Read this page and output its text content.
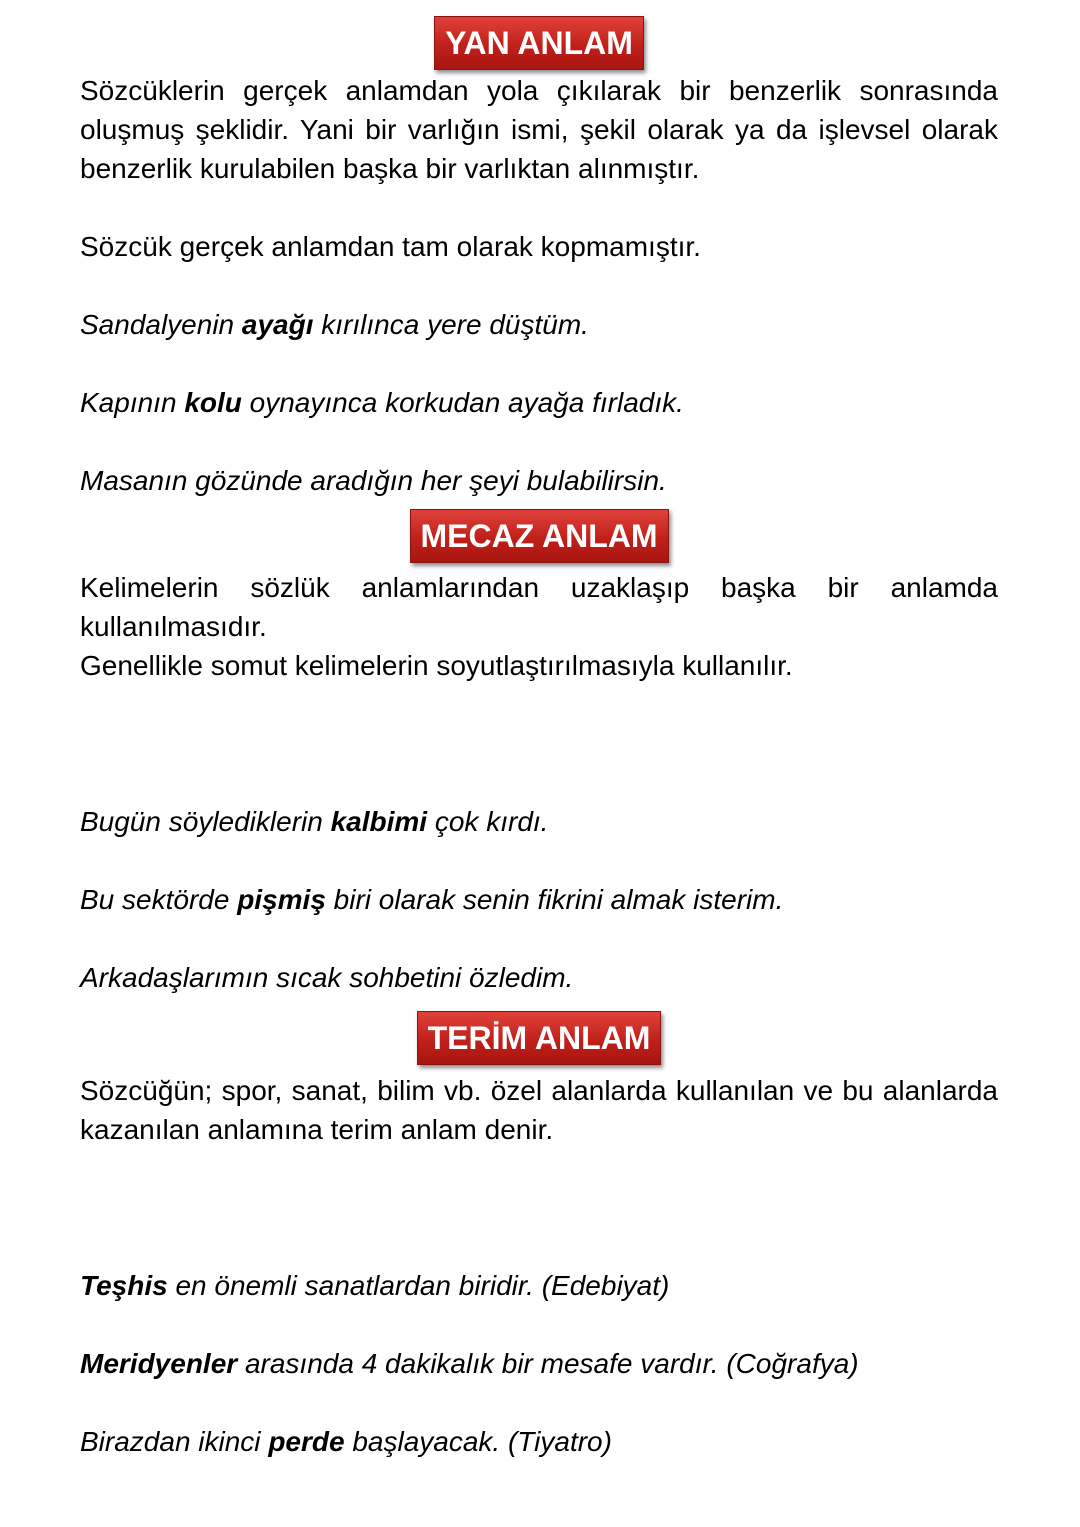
YAN ANLAM

Sözcüklerin gerçek anlamdan yola çıkılarak bir benzerlik sonrasında oluşmuş şeklidir. Yani bir varlığın ismi, şekil olarak ya da işlevsel olarak benzerlik kurulabilen başka bir varlıktan alınmıştır.

Sözcük gerçek anlamdan tam olarak kopmamıştır.

Sandalyenin ayağı kırılınca yere düştüm.

Kapının kolu oynayınca korkudan ayağa fırladık.

Masanın gözünde aradığın her şeyi bulabilirsin.

MECAZ ANLAM

Kelimelerin sözlük anlamlarından uzaklaşıp başka bir anlamda kullanılmasıdır.

Genellikle somut kelimelerin soyutlaştırılmasıyla kullanılır.

Bugün söylediklerin kalbimi çok kırdı.

Bu sektörde pişmiş biri olarak senin fikrini almak isterim.

Arkadaşlarımın sıcak sohbetini özledim.

TERİM ANLAM

Sözcüğün; spor, sanat, bilim vb. özel alanlarda kullanılan ve bu alanlarda kazanılan anlamına terim anlam denir.

Teşhis en önemli sanatlardan biridir. (Edebiyat)

Meridyenler arasında 4 dakikalık bir mesafe vardır. (Coğrafya)

Birazdan ikinci perde başlayacak. (Tiyatro)
